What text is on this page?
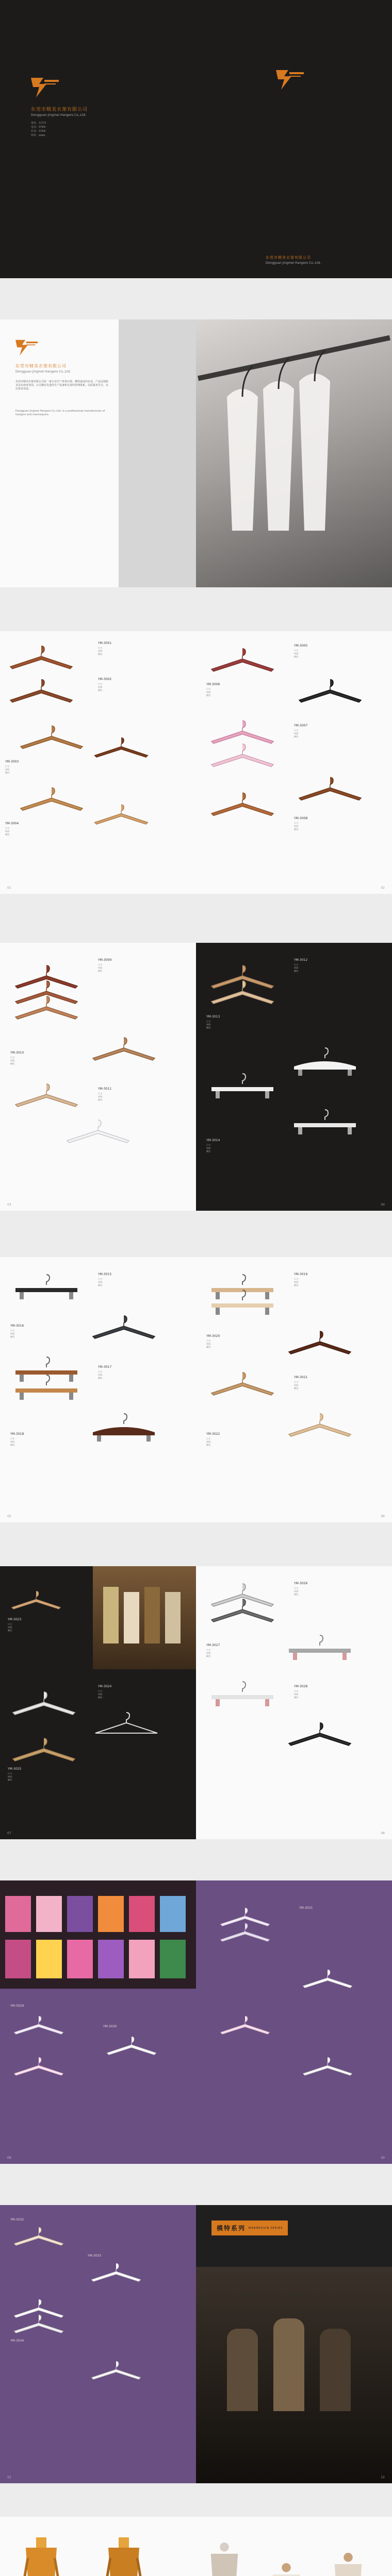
东莞市精美衣架有限公司
Dongguan Jingmei Hangers Co.,Ltd.
地址：东莞市
电话：0769-
传真：0769-
网址：www.
东莞市精美衣架有限公司
Dongguan Jingmei Hangers Co.,Ltd.
东莞市精美衣架有限公司
Dongguan Jingmei Hangers Co.,Ltd.
东莞市精美衣架有限公司是一家专业生产各类衣架、模特道具的企业，产品远销欧美及东南亚各国。公司拥有先进的生产设备和完善的管理体系，以质量求生存，以信誉求发展。
Dongguan Jingmei Hangers Co.,Ltd. is a professional manufacturer of hangers and mannequins.
YM-3001
尺寸：
材质：
颜色：
YM-3002
尺寸：
材质：
颜色：
YM-3003
尺寸：
材质：
颜色：
YM-3004
尺寸：
材质：
颜色：
01
YM-3005
尺寸：
材质：
颜色：
YM-3006
尺寸：
材质：
颜色：
YM-3007
尺寸：
材质：
颜色：
YM-3008
尺寸：
材质：
颜色：
02
YM-3009
尺寸：
材质：
颜色：
YM-3010
尺寸：
材质：
颜色：
YM-3011
尺寸：
材质：
颜色：
03
YM-3012
尺寸：
材质：
颜色：
YM-3013
尺寸：
材质：
颜色：
YM-3014
尺寸：
材质：
颜色：
04
YM-3015
尺寸：
材质：
颜色：
YM-3016
尺寸：
材质：
颜色：
YM-3017
尺寸：
材质：
颜色：
YM-3018
尺寸：
材质：
颜色：
05
YM-3019
尺寸：
材质：
颜色：
YM-3020
尺寸：
材质：
颜色：
YM-3021
尺寸：
材质：
颜色：
YM-3022
尺寸：
材质：
颜色：
06
YM-3023
尺寸：
材质：
颜色：
YM-3024
尺寸：
材质：
颜色：
YM-3025
尺寸：
材质：
颜色：
07
YM-3026
尺寸：
材质：
颜色：
YM-3027
尺寸：
材质：
颜色：
YM-3028
尺寸：
材质：
颜色：
08
YM-3029
YM-3030
09
YM-3031
10
YM-3032
YM-3033
YM-3034
11
模特系列 MANNEQUIN SERIES
12
